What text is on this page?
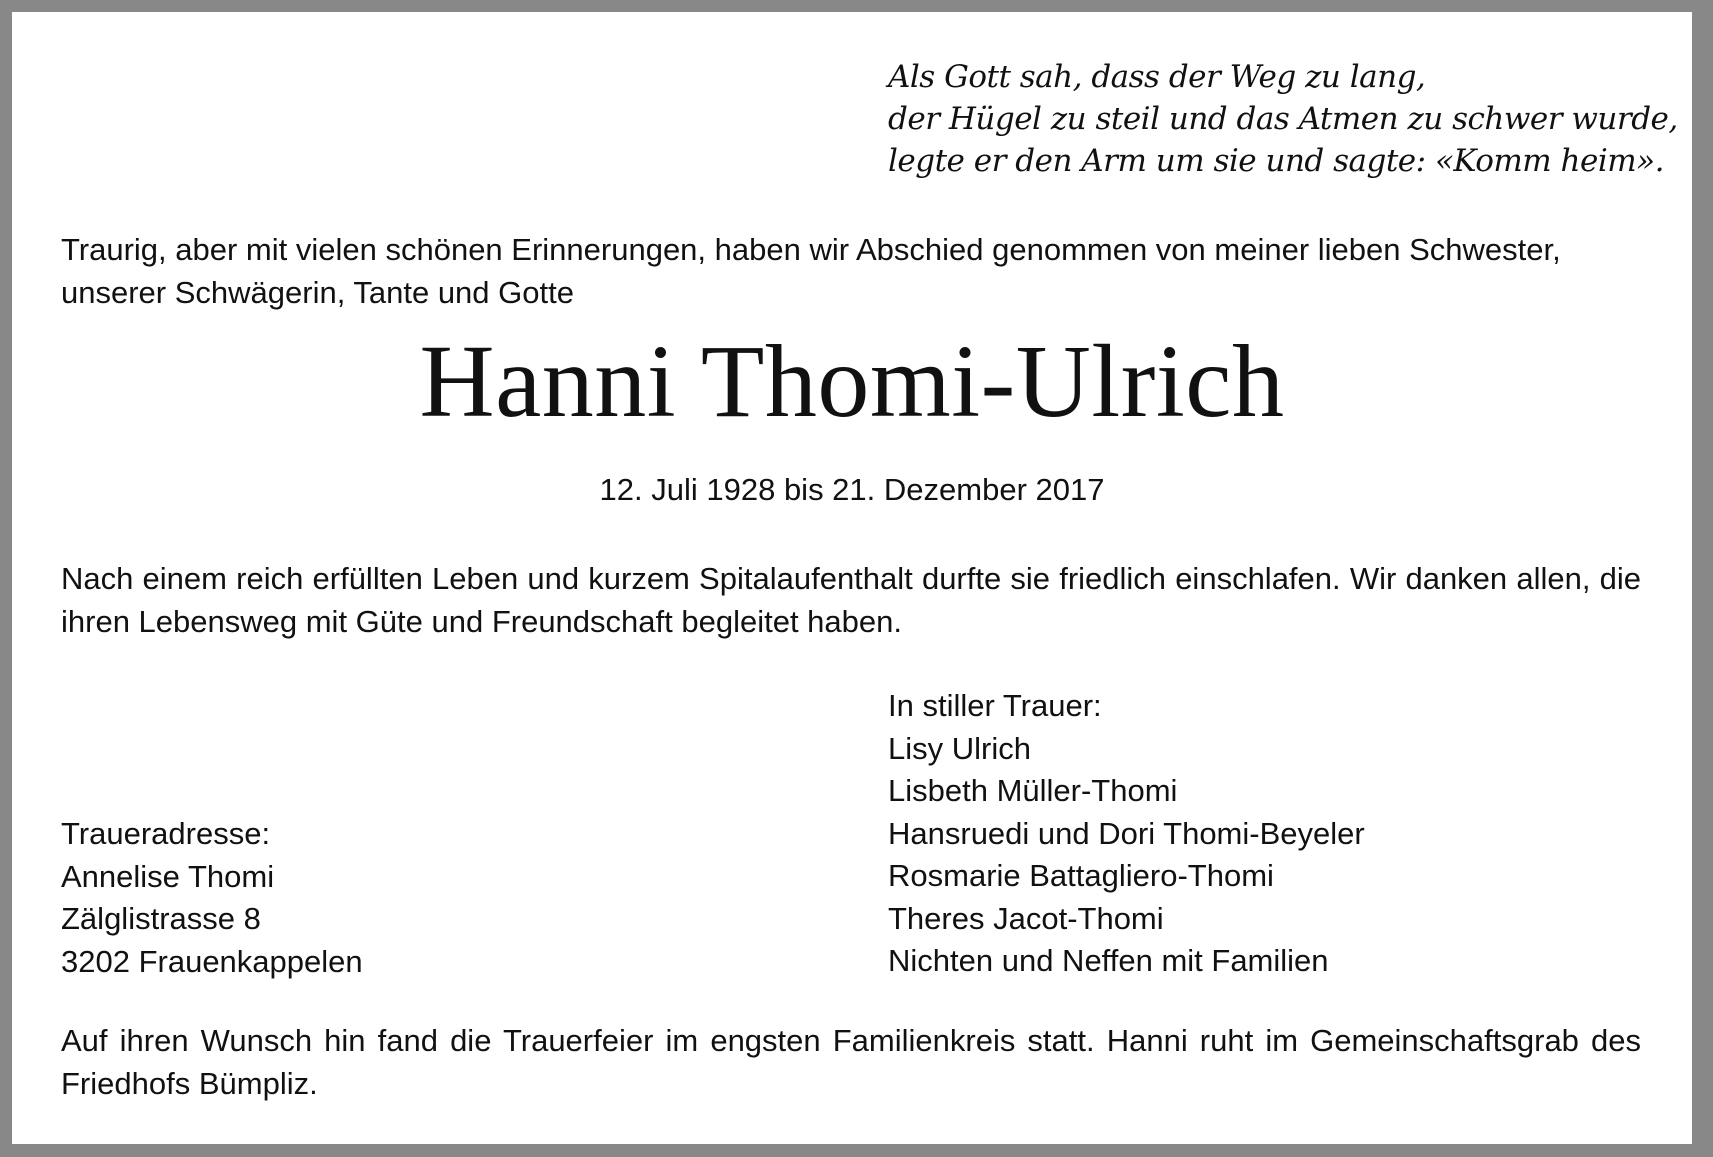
Als Gott sah, dass der Weg zu lang,
der Hügel zu steil und das Atmen zu schwer wurde,
legte er den Arm um sie und sagte: «Komm heim».
Traurig, aber mit vielen schönen Erinnerungen, haben wir Abschied genommen von meiner lieben Schwester,
unserer Schwägerin, Tante und Gotte
Hanni Thomi-Ulrich
12. Juli 1928 bis 21. Dezember 2017
Nach einem reich erfüllten Leben und kurzem Spitalaufenthalt durfte sie friedlich einschlafen. Wir danken allen, die ihren Lebensweg mit Güte und Freundschaft begleitet haben.
In stiller Trauer:
Lisy Ulrich
Lisbeth Müller-Thomi
Hansruedi und Dori Thomi-Beyeler
Rosmarie Battagliero-Thomi
Theres Jacot-Thomi
Nichten und Neffen mit Familien
Traueradresse:
Annelise Thomi
Zälglistrasse 8
3202 Frauenkappelen
Auf ihren Wunsch hin fand die Trauerfeier im engsten Familienkreis statt. Hanni ruht im Gemeinschaftsgrab des Friedhofs Bümpliz.
